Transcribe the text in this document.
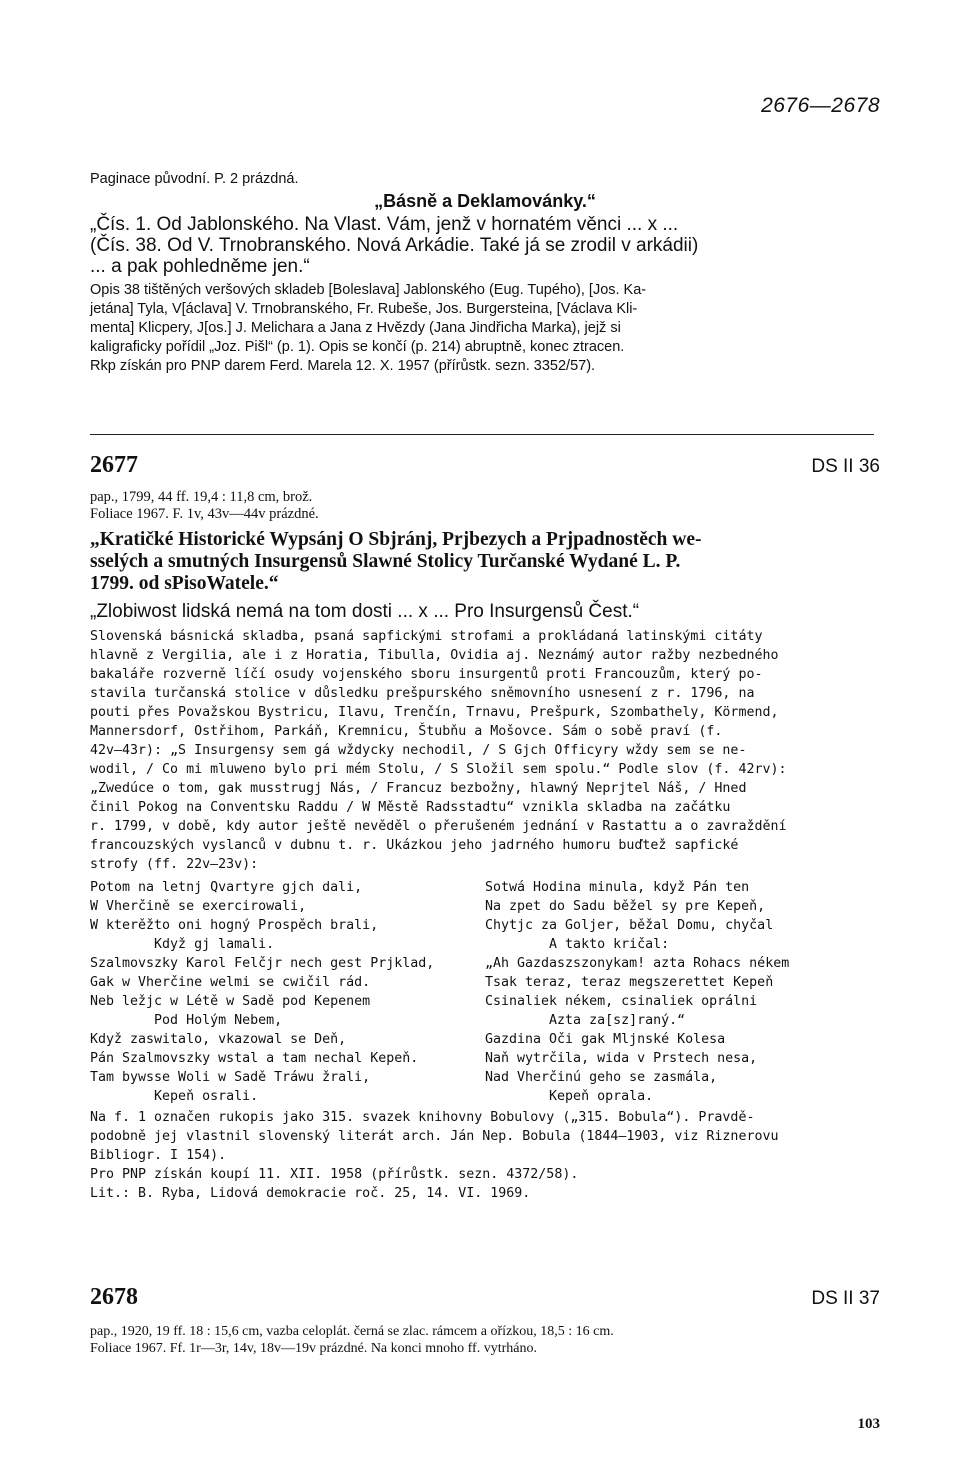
2676—2678

Paginace původní. P. 2 prázdná.

„Básně a Deklamovánky.“

„Čís. 1. Od Jablonského. Na Vlast. Vám, jenž v hornatém věnci ... x ...

(Čís. 38. Od V. Trnobranského. Nová Arkádie. Také já se zrodil v arkádii)

... a pak pohledněme jen.“

Opis 38 tištěných veršových skladeb [Boleslava] Jablonského (Eug. Tupého), [Jos. Ka-

jetána] Tyla, V[áclava] V. Trnobranského, Fr. Rubeše, Jos. Burgersteina, [Václava Kli-

menta] Klicpery, J[os.] J. Melichara a Jana z Hvězdy (Jana Jindřicha Marka), jejž si

kaligraficky pořídil „Joz. Pišl“ (p. 1). Opis se končí (p. 214) abruptně, konec ztracen.

Rkp získán pro PNP darem Ferd. Marela 12. X. 1957 (přírůstk. sezn. 3352/57).

2677	DS II 36

pap., 1799, 44 ff. 19,4 : 11,8 cm, brož.

Foliace 1967. F. 1v, 43v—44v prázdné.

„Kratičké Historické Wypsánj O Sbjránj, Prjbezych a Prjpadnostěch we-
sselých a smutných Insurgensů Slawné Stolicy Turčanské Wydané L. P.
1799. od sPisoWatele.“

„Zlobiwost lidská nemá na tom dosti ... x ... Pro Insurgensů Čest.“

Slovenská básnická skladba, psaná sapfickými strofami a prokládaná latinskými citáty

hlavně z Vergilia, ale i z Horatia, Tibulla, Ovidia aj. Neznámý autor ražby nezbedného

bakaláře rozverně líčí osudy vojenského sboru insurgentů proti Francouzům, který po-

stavila turčanská stolice v důsledku prešpurského sněmovního usnesení z r. 1796, na

pouti přes Považskou Bystricu, Ilavu, Trenčín, Trnavu, Prešpurk, Szombathely, Körmend,

Mannersdorf, Ostřihom, Parkáň, Kremnicu, Štubňu a Mošovce. Sám o sobě praví (f.

42v—43r): „S Insurgensy sem gá wždycky nechodil, / S Gjch Officyry wždy sem se ne-

wodil, / Co mi mluweno bylo pri mém Stolu, / S Složil sem spolu.“ Podle slov (f. 42rv):

„Zwedúce o tom, gak musstrugj Nás, / Francuz bezbožny, hlawný Neprjtel Náš, / Hned

činil Pokog na Conventsku Raddu / W Městě Radsstadtu“ vznikla skladba na začátku

r. 1799, v době, kdy autor ještě nevěděl o přerušeném jednání v Rastattu a o zavraždění

francouzských vyslanců v dubnu t. r. Ukázkou jeho jadrného humoru buďtež sapfické

strofy (ff. 22v—23v):

Potom na letnj Qvartyre gjch dali,
W Vherčině se exercirowali,
W kterěžto oni hogný Prospěch brali,
Když gj lamali.
Szalmovszky Karol Felčjr nech gest Prjklad,
Gak w Vherčine welmi se cwičil rád.
Neb ležjc w Létě w Sadě pod Kepenem
Pod Holým Nebem,
Když zaswitalo, vkazowal se Deň,
Pán Szalmovszky wstal a tam nechal Kepeň.
Tam bywsse Woli w Sadě Tráwu žrali,
Kepeň osrali.
Sotwá Hodina minula, když Pán ten
Na zpet do Sadu běžel sy pre Kepeň,
Chytjc za Goljer, běžal Domu, chyčal
A takto kričal:
„Ah Gazdaszszonykam! azta Rohacs nékem
Tsak teraz, teraz megszerettet Kepeň
Csinaliek nékem, csinaliek oprálni
Azta za[sz]raný.“
Gazdina Oči gak Mljnské Kolesa
Naň wytrčila, wida v Prstech nesa,
Nad Vherčinú geho se zasmála,
Kepeň oprala.

Na f. 1 označen rukopis jako 315. svazek knihovny Bobulovy („315. Bobula“). Pravdě-

podobně jej vlastnil slovenský literát arch. Ján Nep. Bobula (1844—1903, viz Riznerovu

Bibliogr. I 154).

Pro PNP získán koupí 11. XII. 1958 (přírůstk. sezn. 4372/58).

Lit.: B. Ryba, Lidová demokracie roč. 25, 14. VI. 1969.

2678	DS II 37

pap., 1920, 19 ff. 18 : 15,6 cm, vazba celoplát. černá se zlac. rámcem a ořízkou, 18,5 : 16 cm.

Foliace 1967. Ff. 1r—3r, 14v, 18v—19v prázdné. Na konci mnoho ff. vytrháno.

103
